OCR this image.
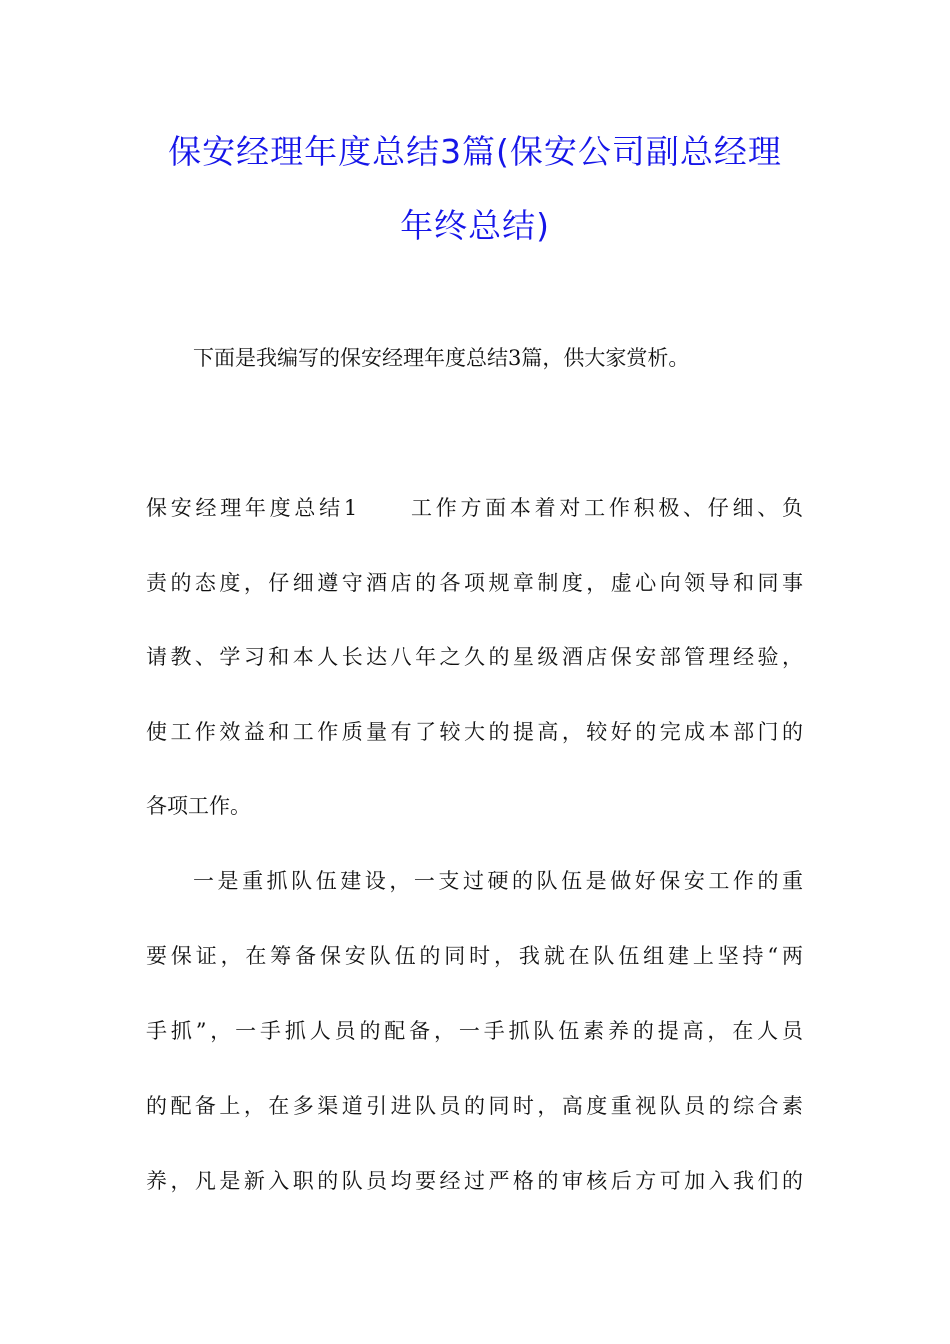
保安经理年度总结3篇(保安公司副总经理
年终总结)
下面是我编写的保安经理年度总结3篇，供大家赏析。
保安经理年度总结1 工作方面本着对工作积极、仔细、负
责的态度，仔细遵守酒店的各项规章制度，虚心向领导和同事
请教、学习和本人长达八年之久的星级酒店保安部管理经验，
使工作效益和工作质量有了较大的提高，较好的完成本部门的
各项工作。
一是重抓队伍建设，一支过硬的队伍是做好保安工作的重
要保证，在筹备保安队伍的同时，我就在队伍组建上坚持“两
手抓”，一手抓人员的配备，一手抓队伍素养的提高，在人员
的配备上，在多渠道引进队员的同时，高度重视队员的综合素
养，凡是新入职的队员均要经过严格的审核后方可加入我们的
